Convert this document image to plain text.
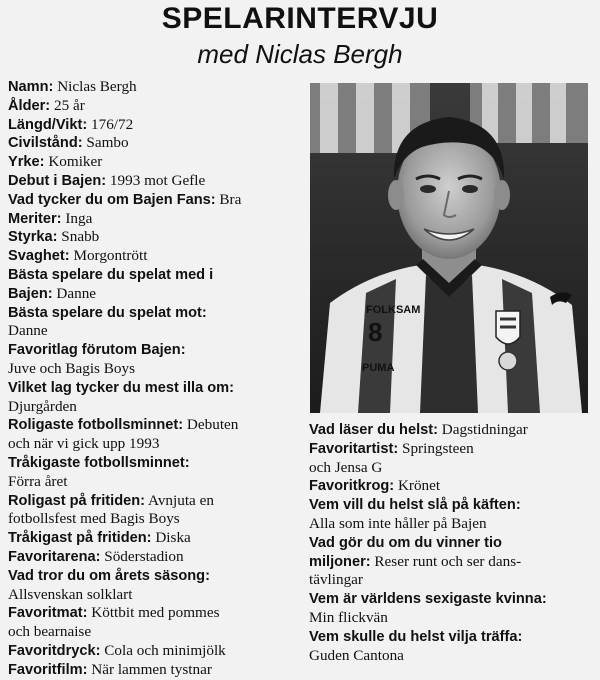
SPELARINTERVJU
med Niclas Bergh
Namn: Niclas Bergh
Ålder: 25 år
Längd/Vikt: 176/72
Civilstånd: Sambo
Yrke: Komiker
Debut i Bajen: 1993 mot Gefle
Vad tycker du om Bajen Fans: Bra
Meriter: Inga
Styrka: Snabb
Svaghet: Morgontrött
Bästa spelare du spelat med i
Bajen: Danne
Bästa spelare du spelat mot:
Danne
Favoritlag förutom Bajen:
Juve och Bagis Boys
Vilket lag tycker du mest illa om:
Djurgården
Roligaste fotbollsminnet: Debuten
och när vi gick upp 1993
Tråkigaste fotbollsminnet:
Förra året
Roligast på fritiden: Avnjuta en
fotbollsfest med Bagis Boys
Tråkigast på fritiden: Diska
Favoritarena: Söderstadion
Vad tror du om årets säsong:
Allsvenskan solklart
Favoritmat: Köttbit med pommes
och bearnaise
Favoritdryck: Cola och minimjölk
Favoritfilm: När lammen tystnar
FOLKSAM
8
PUMA
Vad läser du helst: Dagstidningar
Favoritartist: Springsteen
och Jensa G
Favoritkrog: Krönet
Vem vill du helst slå på käften:
Alla som inte håller på Bajen
Vad gör du om du vinner tio
miljoner: Reser runt och ser dans-
tävlingar
Vem är världens sexigaste kvinna:
Min flickvän
Vem skulle du helst vilja träffa:
Guden Cantona
